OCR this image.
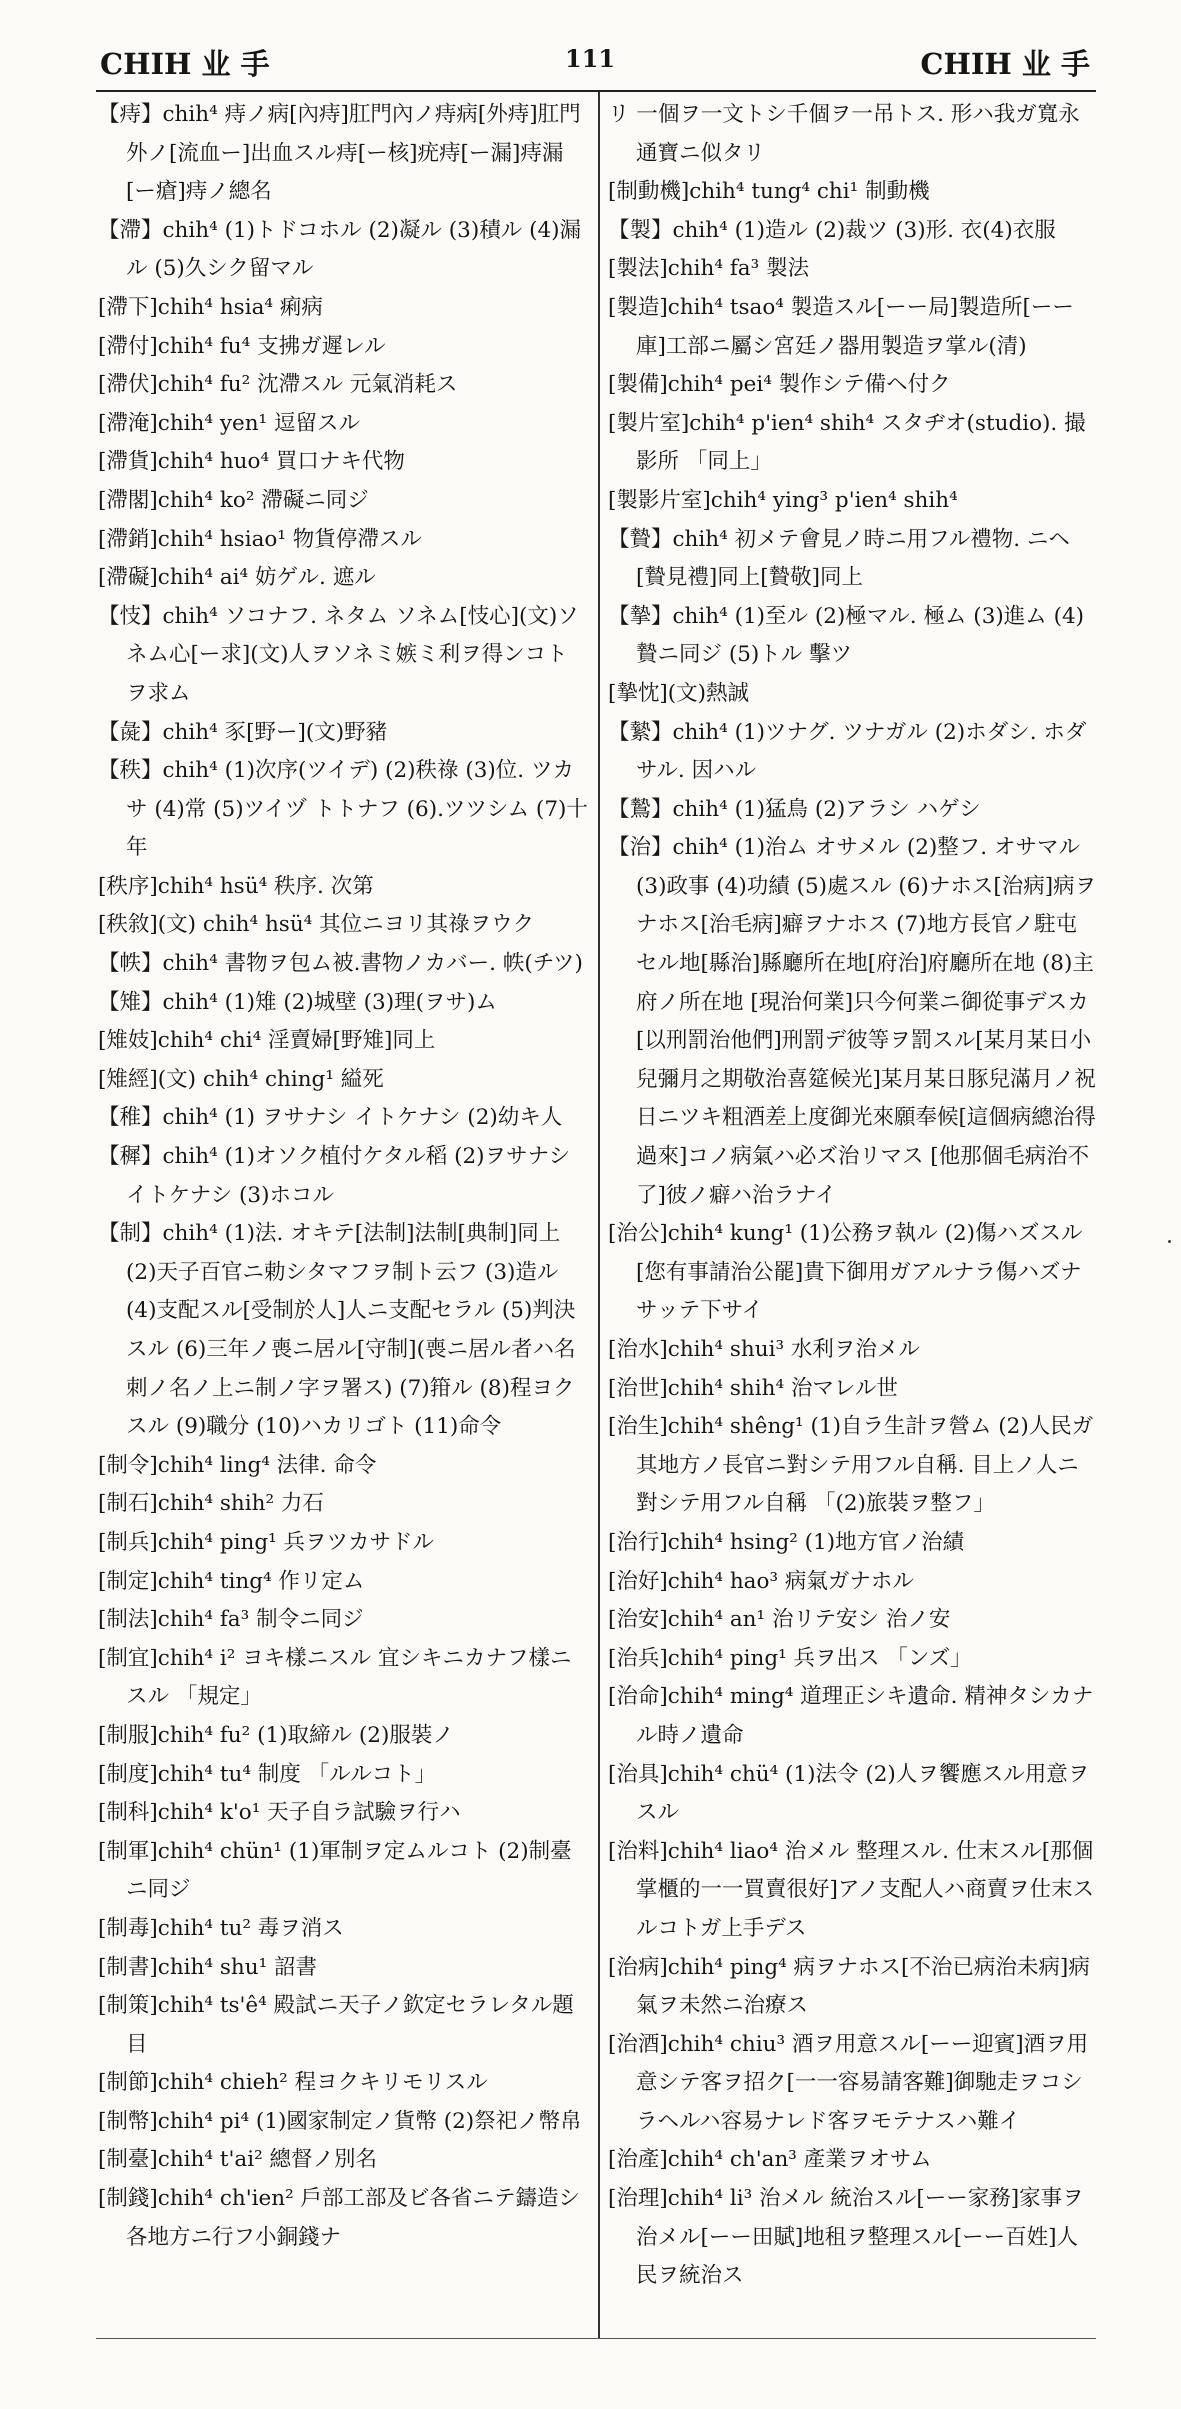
CHIH 业 手	111	CHIH 业 手
【痔】chih⁴ 痔ノ病[內痔]肛門內ノ痔病[外痔]肛門外ノ[流血ー]出血スル痔[ー核]疣痔[ー漏]痔漏[ー瘡]痔ノ總名
【滯】chih⁴ (1)トドコホル (2)凝ル (3)積ル (4)漏ル (5)久シク留マル
[滯下]chih⁴ hsia⁴ 痢病
[滯付]chih⁴ fu⁴ 支拂ガ遲レル
[滯伏]chih⁴ fu² 沈滯スル 元氣消耗ス
[滯淹]chih⁴ yen¹ 逗留スル
[滯貨]chih⁴ huo⁴ 買口ナキ代物
[滯閣]chih⁴ ko² 滯礙ニ同ジ
[滯銷]chih⁴ hsiao¹ 物貨停滯スル
[滯礙]chih⁴ ai⁴ 妨ゲル. 遮ル
【忮】chih⁴ ソコナフ. ネタム ソネム[忮心](文)ソネム心[ー求](文)人ヲソネミ嫉ミ利ヲ得ンコトヲ求ム
【彘】chih⁴ 豕[野ー](文)野豬
【秩】chih⁴ (1)次序(ツイデ) (2)秩祿 (3)位. ツカサ (4)常 (5)ツイヅ トトナフ (6).ツツシム (7)十年
[秩序]chih⁴ hsü⁴ 秩序. 次第
[秩敘](文) chih⁴ hsü⁴ 其位ニヨリ其祿ヲウク
【帙】chih⁴ 書物ヲ包ム被.書物ノカバー. 帙(チツ)
【雉】chih⁴ (1)雉 (2)城壁 (3)理(ヲサ)ム
[雉妓]chih⁴ chi⁴ 淫賣婦[野雉]同上
[雉經](文) chih⁴ ching¹ 縊死
【稚】chih⁴ (1) ヲサナシ イトケナシ (2)幼キ人
【穉】chih⁴ (1)オソク植付ケタル稻 (2)ヲサナシ イトケナシ (3)ホコル
【制】chih⁴ (1)法. オキテ[法制]法制[典制]同上 (2)天子百官ニ勅シタマフヲ制ト云フ (3)造ル (4)支配スル[受制於人]人ニ支配セラル (5)判決スル (6)三年ノ喪ニ居ル[守制](喪ニ居ル者ハ名刺ノ名ノ上ニ制ノ字ヲ署ス) (7)箝ル (8)程ヨクスル (9)職分 (10)ハカリゴト (11)命令
[制令]chih⁴ ling⁴ 法律. 命令
[制石]chih⁴ shih² 力石
[制兵]chih⁴ ping¹ 兵ヲツカサドル
[制定]chih⁴ ting⁴ 作リ定ム
[制法]chih⁴ fa³ 制令ニ同ジ
[制宜]chih⁴ i² ヨキ樣ニスル 宜シキニカナフ樣ニスル 「規定」
[制服]chih⁴ fu² (1)取締ル (2)服裝ノ
[制度]chih⁴ tu⁴ 制度 「ルルコト」
[制科]chih⁴ k'o¹ 天子自ラ試驗ヲ行ハ
[制軍]chih⁴ chün¹ (1)軍制ヲ定ムルコト (2)制臺ニ同ジ
[制毒]chih⁴ tu² 毒ヲ消ス
[制書]chih⁴ shu¹ 詔書
[制策]chih⁴ ts'ê⁴ 殿試ニ天子ノ欽定セラレタル題目
[制節]chih⁴ chieh² 程ヨクキリモリスル
[制幣]chih⁴ pi⁴ (1)國家制定ノ貨幣 (2)祭祀ノ幣帛
[制臺]chih⁴ t'ai² 總督ノ別名
[制錢]chih⁴ ch'ien² 戶部工部及ビ各省ニテ鑄造シ各地方ニ行フ小銅錢ナ
リ 一個ヲ一文トシ千個ヲ一吊トス. 形ハ我ガ寬永通寶ニ似タリ
[制動機]chih⁴ tung⁴ chi¹ 制動機
【製】chih⁴ (1)造ル (2)裁ツ (3)形. 衣(4)衣服
[製法]chih⁴ fa³ 製法
[製造]chih⁴ tsao⁴ 製造スル[ーー局]製造所[ーー庫]工部ニ屬シ宮廷ノ器用製造ヲ掌ル(清)
[製備]chih⁴ pei⁴ 製作シテ備ヘ付ク
[製片室]chih⁴ p'ien⁴ shih⁴ スタヂオ(studio). 撮影所 「同上」
[製影片室]chih⁴ ying³ p'ien⁴ shih⁴
【贄】chih⁴ 初メテ會見ノ時ニ用フル禮物. ニヘ[贄見禮]同上[贄敬]同上
【摯】chih⁴ (1)至ル (2)極マル. 極ム (3)進ム (4)贄ニ同ジ (5)トル 擊ツ
[摯忱](文)熱誠
【縶】chih⁴ (1)ツナグ. ツナガル (2)ホダシ. ホダサル. 因ハル
【鷙】chih⁴ (1)猛鳥 (2)アラシ ハゲシ
【治】chih⁴ (1)治ム オサメル (2)整フ. オサマル (3)政事 (4)功績 (5)處スル (6)ナホス[治病]病ヲナホス[治毛病]癖ヲナホス (7)地方長官ノ駐屯セル地[縣治]縣廳所在地[府治]府廳所在地 (8)主府ノ所在地 [現治何業]只今何業ニ御從事デスカ [以刑罰治他們]刑罰デ彼等ヲ罰スル[某月某日小兒彌月之期敬治喜筵候光]某月某日豚兒滿月ノ祝日ニツキ粗酒差上度御光來願奉候[這個病總治得過來]コノ病氣ハ必ズ治リマス [他那個毛病治不了]彼ノ癖ハ治ラナイ
[治公]chih⁴ kung¹ (1)公務ヲ執ル (2)傷ハズスル[您有事請治公罷]貴下御用ガアルナラ傷ハズナサッテ下サイ
[治水]chih⁴ shui³ 水利ヲ治メル
[治世]chih⁴ shih⁴ 治マレル世
[治生]chih⁴ shêng¹ (1)自ラ生計ヲ營ム (2)人民ガ其地方ノ長官ニ對シテ用フル自稱. 目上ノ人ニ對シテ用フル自稱 「(2)旅裝ヲ整フ」
[治行]chih⁴ hsing² (1)地方官ノ治績
[治好]chih⁴ hao³ 病氣ガナホル
[治安]chih⁴ an¹ 治リテ安シ 治ノ安
[治兵]chih⁴ ping¹ 兵ヲ出ス 「ンズ」
[治命]chih⁴ ming⁴ 道理正シキ遺命. 精神タシカナル時ノ遺命
[治具]chih⁴ chü⁴ (1)法令 (2)人ヲ饗應スル用意ヲスル
[治料]chih⁴ liao⁴ 治メル 整理スル. 仕末スル[那個掌櫃的一一買賣很好]アノ支配人ハ商賣ヲ仕末スルコトガ上手デス
[治病]chih⁴ ping⁴ 病ヲナホス[不治已病治未病]病氣ヲ未然ニ治療ス
[治酒]chih⁴ chiu³ 酒ヲ用意スル[ーー迎賓]酒ヲ用意シテ客ヲ招ク[一一容易請客難]御馳走ヲコシラヘルハ容易ナレド客ヲモテナスハ難イ
[治產]chih⁴ ch'an³ 產業ヲオサム
[治理]chih⁴ li³ 治メル 統治スル[ーー家務]家事ヲ治メル[ーー田賦]地租ヲ整理スル[ーー百姓]人民ヲ統治ス
